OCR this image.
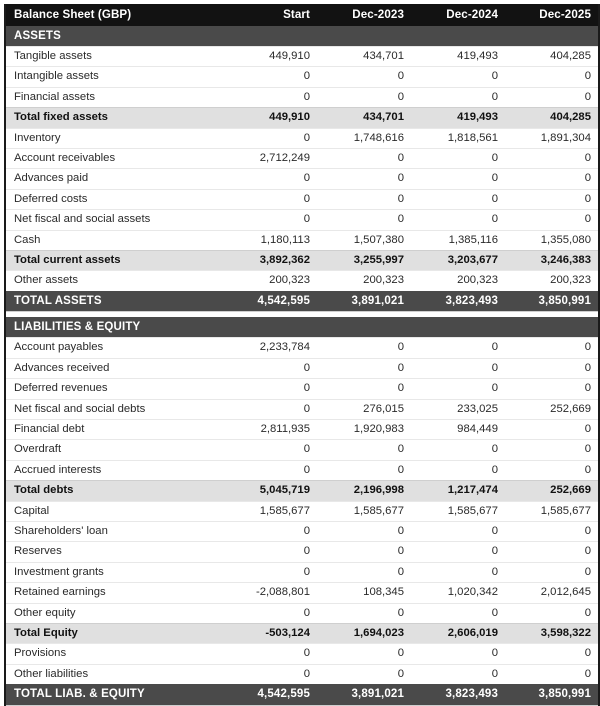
Balance Sheet (GBP)	Start	Dec-2023	Dec-2024	Dec-2025
ASSETS				
Tangible assets	449,910	434,701	419,493	404,285
Intangible assets	0	0	0	0
Financial assets	0	0	0	0
Total fixed assets	449,910	434,701	419,493	404,285
Inventory	0	1,748,616	1,818,561	1,891,304
Account receivables	2,712,249	0	0	0
Advances paid	0	0	0	0
Deferred costs	0	0	0	0
Net fiscal and social assets	0	0	0	0
Cash	1,180,113	1,507,380	1,385,116	1,355,080
Total current assets	3,892,362	3,255,997	3,203,677	3,246,383
Other assets	200,323	200,323	200,323	200,323
TOTAL ASSETS	4,542,595	3,891,021	3,823,493	3,850,991

LIABILITIES & EQUITY				
Account payables	2,233,784	0	0	0
Advances received	0	0	0	0
Deferred revenues	0	0	0	0
Net fiscal and social debts	0	276,015	233,025	252,669
Financial debt	2,811,935	1,920,983	984,449	0
Overdraft	0	0	0	0
Accrued interests	0	0	0	0
Total debts	5,045,719	2,196,998	1,217,474	252,669
Capital	1,585,677	1,585,677	1,585,677	1,585,677
Shareholders' loan	0	0	0	0
Reserves	0	0	0	0
Investment grants	0	0	0	0
Retained earnings	-2,088,801	108,345	1,020,342	2,012,645
Other equity	0	0	0	0
Total Equity	-503,124	1,694,023	2,606,019	3,598,322
Provisions	0	0	0	0
Other liabilities	0	0	0	0
TOTAL LIAB. & EQUITY	4,542,595	3,891,021	3,823,493	3,850,991
